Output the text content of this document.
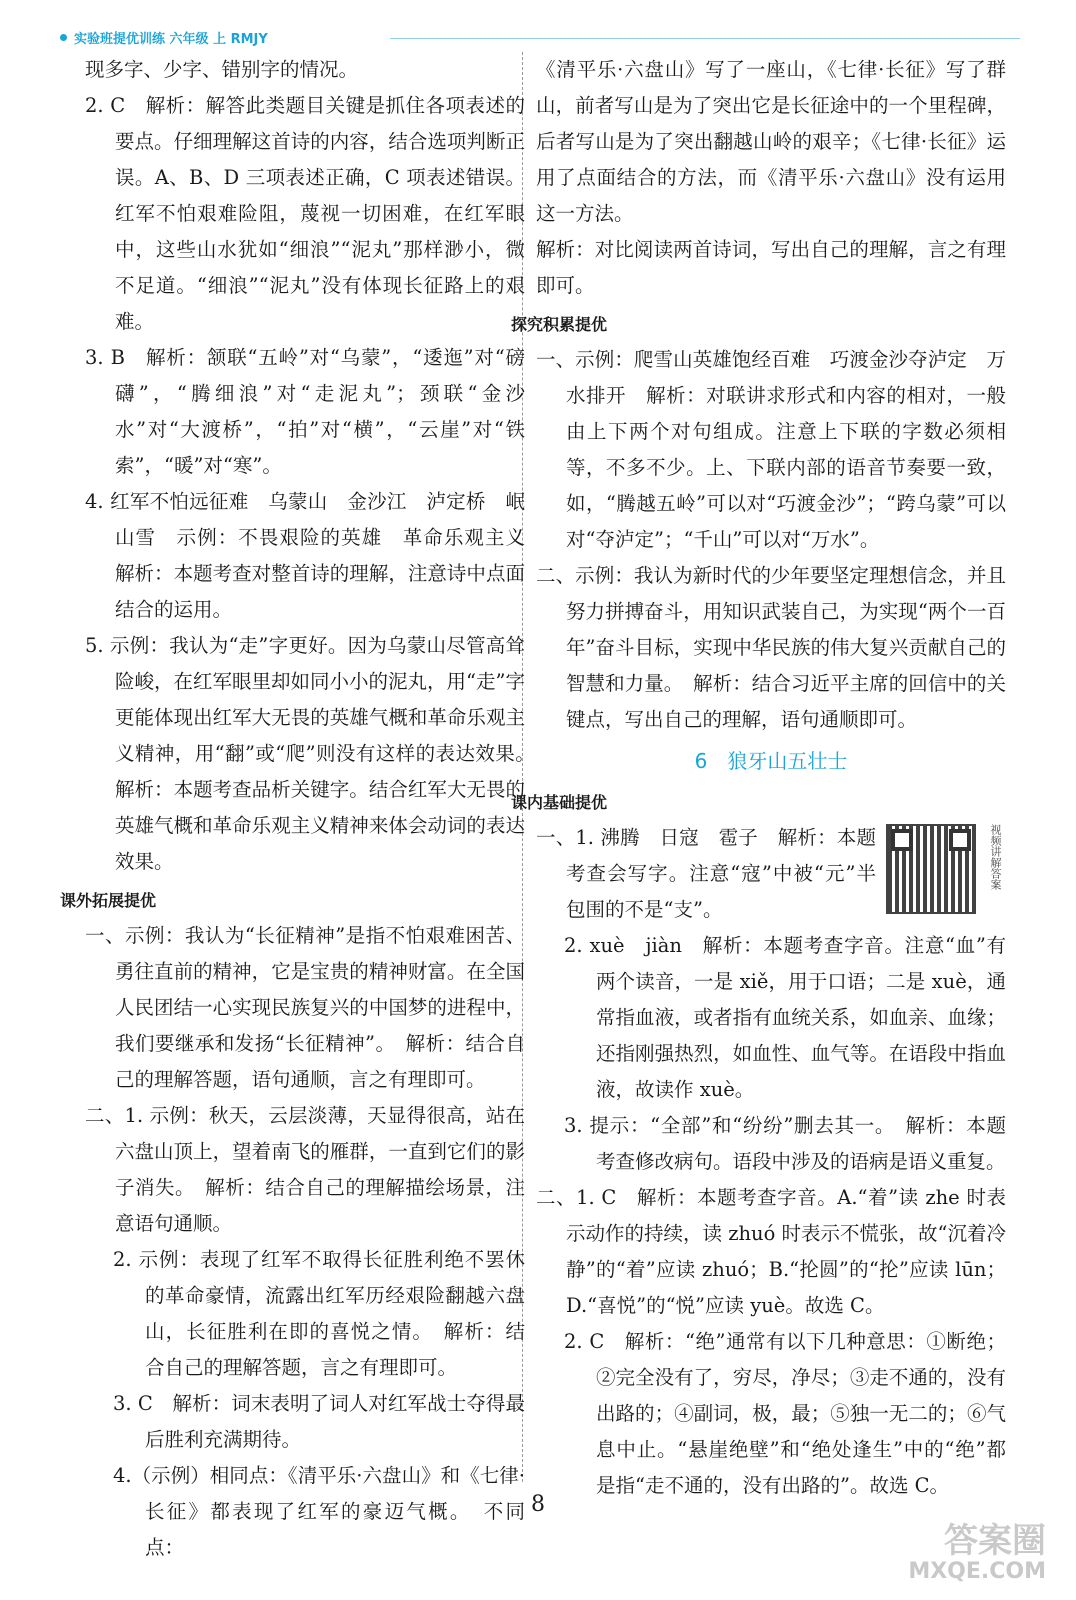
实验班提优训练 六年级 上 RMJY
现多字、少字、错别字的情况。
2. C　解析：解答此类题目关键是抓住各项表述的要点。仔细理解这首诗的内容，结合选项判断正误。A、B、D 三项表述正确，C 项表述错误。红军不怕艰难险阻，蔑视一切困难，在红军眼中，这些山水犹如“细浪”“泥丸”那样渺小，微不足道。“细浪”“泥丸”没有体现长征路上的艰难。
3. B　解析：颔联“五岭”对“乌蒙”，“逶迤”对“磅礴”，“腾细浪”对“走泥丸”；颈联“金沙水”对“大渡桥”，“拍”对“横”，“云崖”对“铁索”，“暖”对“寒”。
4. 红军不怕远征难　乌蒙山　金沙江　泸定桥　岷山雪　示例：不畏艰险的英雄　革命乐观主义　解析：本题考查对整首诗的理解，注意诗中点面结合的运用。
5. 示例：我认为“走”字更好。因为乌蒙山尽管高耸险峻，在红军眼里却如同小小的泥丸，用“走”字更能体现出红军大无畏的英雄气概和革命乐观主义精神，用“翻”或“爬”则没有这样的表达效果。　解析：本题考查品析关键字。结合红军大无畏的英雄气概和革命乐观主义精神来体会动词的表达效果。
课外拓展提优
一、示例：我认为“长征精神”是指不怕艰难困苦、勇往直前的精神，它是宝贵的精神财富。在全国人民团结一心实现民族复兴的中国梦的进程中，我们要继承和发扬“长征精神”。　解析：结合自己的理解答题，语句通顺，言之有理即可。
二、1. 示例：秋天，云层淡薄，天显得很高，站在六盘山顶上，望着南飞的雁群，一直到它们的影子消失。　解析：结合自己的理解描绘场景，注意语句通顺。
2. 示例：表现了红军不取得长征胜利绝不罢休的革命豪情，流露出红军历经艰险翻越六盘山，长征胜利在即的喜悦之情。　解析：结合自己的理解答题，言之有理即可。
3. C　解析：词末表明了词人对红军战士夺得最后胜利充满期待。
4.（示例）相同点：《清平乐·六盘山》和《七律·长征》都表现了红军的豪迈气概。　不同点：
《清平乐·六盘山》写了一座山，《七律·长征》写了群山，前者写山是为了突出它是长征途中的一个里程碑，后者写山是为了突出翻越山岭的艰辛；《七律·长征》运用了点面结合的方法，而《清平乐·六盘山》没有运用这一方法。
解析：对比阅读两首诗词，写出自己的理解，言之有理即可。
探究积累提优
一、示例：爬雪山英雄饱经百难　巧渡金沙夺泸定　万水排开　解析：对联讲求形式和内容的相对，一般由上下两个对句组成。注意上下联的字数必须相等，不多不少。上、下联内部的语音节奏要一致，如，“腾越五岭”可以对“巧渡金沙”；“跨乌蒙”可以对“夺泸定”；“千山”可以对“万水”。
二、示例：我认为新时代的少年要坚定理想信念，并且努力拼搏奋斗，用知识武装自己，为实现“两个一百年”奋斗目标，实现中华民族的伟大复兴贡献自己的智慧和力量。　解析：结合习近平主席的回信中的关键点，写出自己的理解，语句通顺即可。
6　狼牙山五壮士
课内基础提优
视频讲解答案
一、1. 沸腾　日寇　雹子　解析：本题考查会写字。注意“寇”中被“元”半包围的不是“支”。
2. xuè　jiàn　解析：本题考查字音。注意“血”有两个读音，一是 xiě，用于口语；二是 xuè，通常指血液，或者指有血统关系，如血亲、血缘；还指刚强热烈，如血性、血气等。在语段中指血液，故读作 xuè。
3. 提示：“全部”和“纷纷”删去其一。　解析：本题考查修改病句。语段中涉及的语病是语义重复。
二、1. C　解析：本题考查字音。A.“着”读 zhe 时表示动作的持续，读 zhuó 时表示不慌张，故“沉着冷静”的“着”应读 zhuó；B.“抡圆”的“抡”应读 lūn；D.“喜悦”的“悦”应读 yuè。故选 C。
2. C　解析：“绝”通常有以下几种意思：①断绝；②完全没有了，穷尽，净尽；③走不通的，没有出路的；④副词，极，最；⑤独一无二的；⑥气息中止。“悬崖绝壁”和“绝处逢生”中的“绝”都是指“走不通的，没有出路的”。故选 C。
8
答案圈
MXQE.COM
